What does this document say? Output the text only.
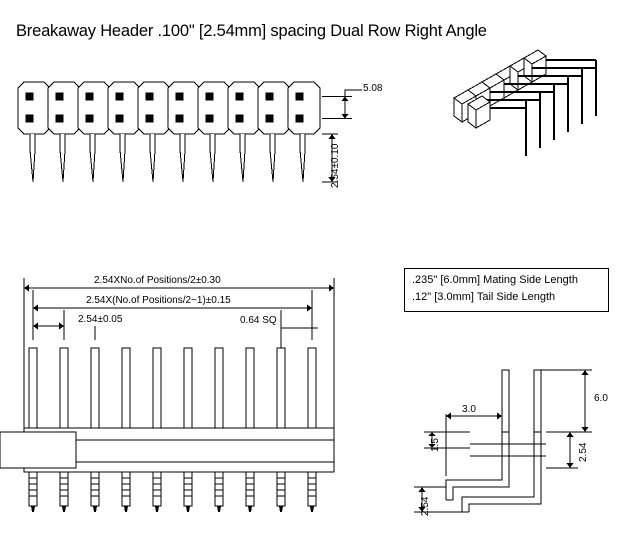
Breakaway Header .100" [2.54mm] spacing Dual Row Right Angle
5.08
2.54±0.10
2.54XNo.of Positions/2±0.30
2.54X(No.of Positions/2−1)±0.15
2.54±0.05	0.64 SQ
6.0
2.54
3.0
1.5
2.54
.235" [6.0mm] Mating Side Length
.12" [3.0mm] Tail Side Length
